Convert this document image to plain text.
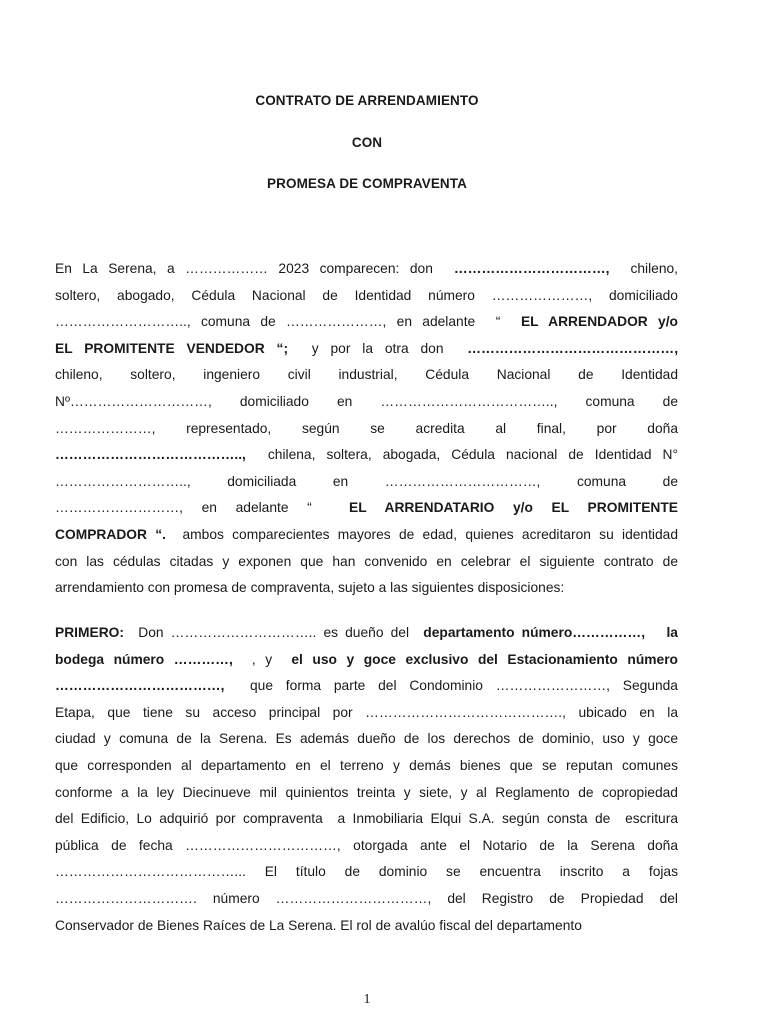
CONTRATO DE ARRENDAMIENTO
CON
PROMESA DE COMPRAVENTA
En La Serena, a ……………… 2023 comparecen: don  ……………………………,  chileno,
soltero, abogado, Cédula Nacional de Identidad número …………………, domiciliado
……………………….., comuna de …………………, en adelante  “  EL ARRENDADOR y/o
EL PROMITENTE VENDEDOR “;  y por la otra don  ………………………………………,
chileno, soltero, ingeniero civil industrial, Cédula Nacional de Identidad
Nº…………………………, domiciliado en ……………………………….., comuna de
…………………, representado, según se acredita al final, por doña
…………………………………..,  chilena, soltera, abogada, Cédula nacional de Identidad N°
……………………….., domiciliada en ……………………………, comuna de
………………………, en adelante “  EL ARRENDATARIO y/o EL PROMITENTE
COMPRADOR “.  ambos comparecientes mayores de edad, quienes acreditaron su identidad
con las cédulas citadas y exponen que han convenido en celebrar el siguiente contrato de
arrendamiento con promesa de compraventa, sujeto a las siguientes disposiciones:
PRIMERO:  Don ………………………….. es dueño del  departamento número……………, la
bodega número …………,  , y  el uso y goce exclusivo del Estacionamiento número
………………………………,  que forma parte del Condominio ……………………, Segunda
Etapa, que tiene su acceso principal por ……………………………………., ubicado en la
ciudad y comuna de la Serena. Es además dueño de los derechos de dominio, uso y goce
que corresponden al departamento en el terreno y demás bienes que se reputan comunes
conforme a la ley Diecinueve mil quinientos treinta y siete, y al Reglamento de copropiedad
del Edificio, Lo adquirió por compraventa  a Inmobiliaria Elqui S.A. según consta de  escritura
pública de fecha ……………………………, otorgada ante el Notario de la Serena doña
…………………………………... El título de dominio se encuentra inscrito a fojas
…………………………. número ……………………………, del Registro de Propiedad del
Conservador de Bienes Raíces de La Serena. El rol de avalúo fiscal del departamento
1
